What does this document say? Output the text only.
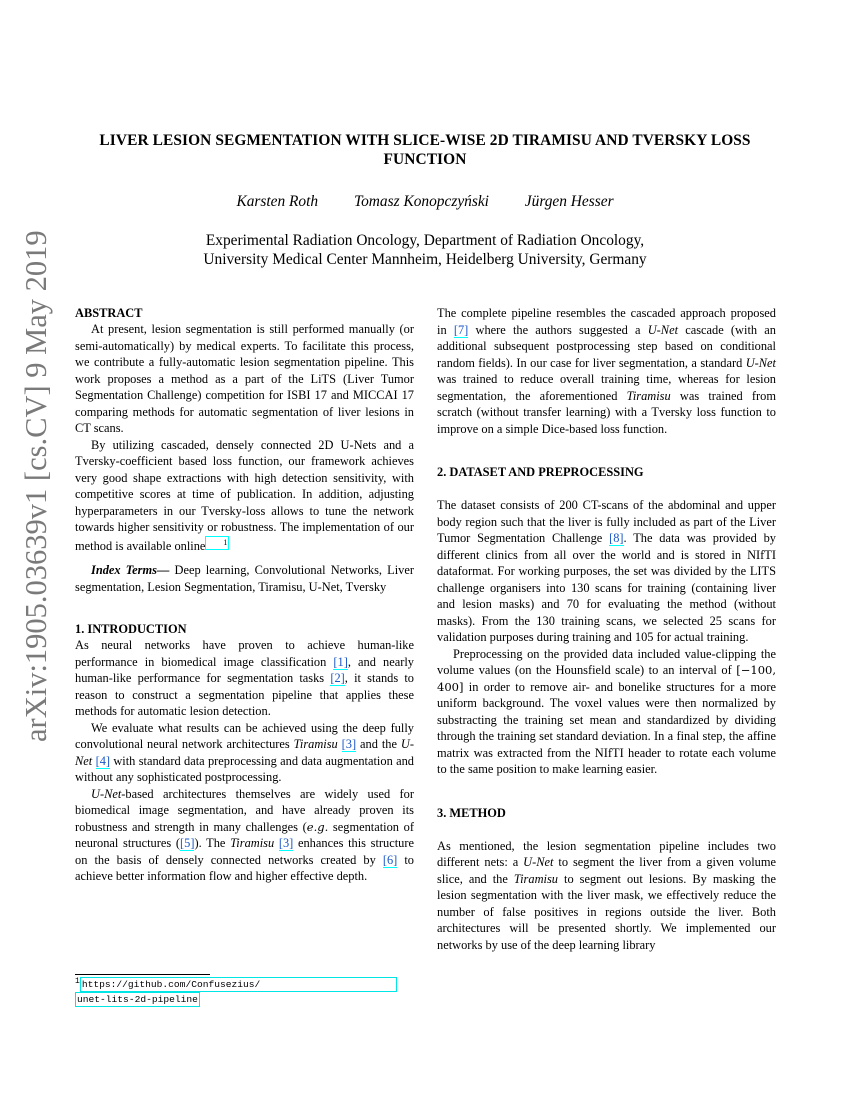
arXiv:1905.03639v1 [cs.CV] 9 May 2019
LIVER LESION SEGMENTATION WITH SLICE-WISE 2D TIRAMISU AND TVERSKY LOSS FUNCTION
Karsten Roth Tomasz Konopczyński Jürgen Hesser
Experimental Radiation Oncology, Department of Radiation Oncology,
University Medical Center Mannheim, Heidelberg University, Germany

ABSTRACT

At present, lesion segmentation is still performed manually (or semi-automatically) by medical experts. To facilitate this process, we contribute a fully-automatic lesion segmentation pipeline. This work proposes a method as a part of the LiTS (Liver Tumor Segmentation Challenge) competition for ISBI 17 and MICCAI 17 comparing methods for automatic segmentation of liver lesions in CT scans.

By utilizing cascaded, densely connected 2D U-Nets and a Tversky-coefficient based loss function, our framework achieves very good shape extractions with high detection sensitivity, with competitive scores at time of publication. In addition, adjusting hyperparameters in our Tversky-loss allows to tune the network towards higher sensitivity or robustness. The implementation of our method is available online $^1$

Index Terms— Deep learning, Convolutional Networks, Liver segmentation, Lesion Segmentation, Tiramisu, U-Net, Tversky

1. INTRODUCTION

As neural networks have proven to achieve human-like performance in biomedical image classification [1], and nearly human-like performance for segmentation tasks [2], it stands to reason to construct a segmentation pipeline that applies these methods for automatic lesion detection.

We evaluate what results can be achieved using the deep fully convolutional neural network architectures Tiramisu [3] and the U-Net [4] with standard data preprocessing and data augmentation and without any sophisticated postprocessing.

U-Net-based architectures themselves are widely used for biomedical image segmentation, and have already proven its robustness and strength in many challenges (e.g. segmentation of neuronal structures ([5]). The Tiramisu [3] enhances this structure on the basis of densely connected networks created by [6] to achieve better information flow and higher effective depth.

$^1$ https://github.com/Confusezius/
unet-lits-2d-pipeline

The complete pipeline resembles the cascaded approach proposed in [7] where the authors suggested a U-Net cascade (with an additional subsequent postprocessing step based on conditional random fields). In our case for liver segmentation, a standard U-Net was trained to reduce overall training time, whereas for lesion segmentation, the aforementioned Tiramisu was trained from scratch (without transfer learning) with a Tversky loss function to improve on a simple Dice-based loss function.

2. DATASET AND PREPROCESSING

The dataset consists of 200 CT-scans of the abdominal and upper body region such that the liver is fully included as part of the Liver Tumor Segmentation Challenge [8]. The data was provided by different clinics from all over the world and is stored in NIfTI dataformat. For working purposes, the set was divided by the LITS challenge organisers into 130 scans for training (containing liver and lesion masks) and 70 for evaluating the method (without masks). From the 130 training scans, we selected 25 scans for validation purposes during training and 105 for actual training.

Preprocessing on the provided data included value-clipping the volume values (on the Hounsfield scale) to an interval of [−100, 400] in order to remove air- and bonelike structures for a more uniform background. The voxel values were then normalized by substracting the training set mean and standardized by dividing through the training set standard deviation. In a final step, the affine matrix was extracted from the NIfTI header to rotate each volume to the same position to make learning easier.

3. METHOD

As mentioned, the lesion segmentation pipeline includes two different nets: a U-Net to segment the liver from a given volume slice, and the Tiramisu to segment out lesions. By masking the lesion segmentation with the liver mask, we effectively reduce the number of false positives in regions outside the liver. Both architectures will be presented shortly. We implemented our networks by use of the deep learning library
